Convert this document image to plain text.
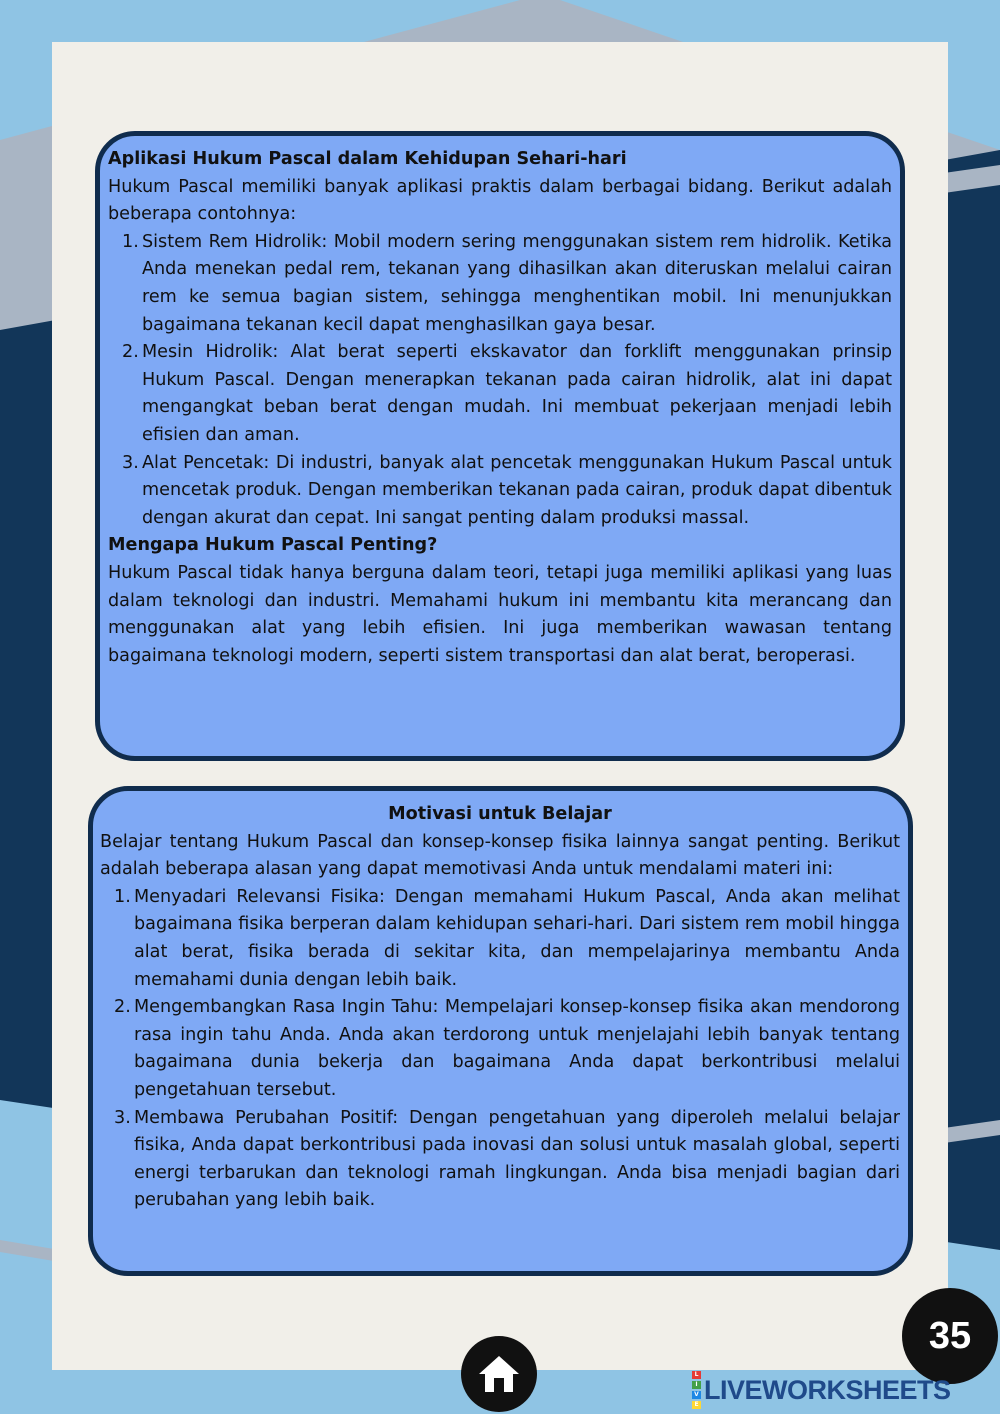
Aplikasi Hukum Pascal dalam Kehidupan Sehari-hari

Hukum Pascal memiliki banyak aplikasi praktis dalam berbagai bidang. Berikut adalah beberapa contohnya:

1. Sistem Rem Hidrolik: Mobil modern sering menggunakan sistem rem hidrolik. Ketika Anda menekan pedal rem, tekanan yang dihasilkan akan diteruskan melalui cairan rem ke semua bagian sistem, sehingga menghentikan mobil. Ini menunjukkan bagaimana tekanan kecil dapat menghasilkan gaya besar.
2. Mesin Hidrolik: Alat berat seperti ekskavator dan forklift menggunakan prinsip Hukum Pascal. Dengan menerapkan tekanan pada cairan hidrolik, alat ini dapat mengangkat beban berat dengan mudah. Ini membuat pekerjaan menjadi lebih efisien dan aman.
3. Alat Pencetak: Di industri, banyak alat pencetak menggunakan Hukum Pascal untuk mencetak produk. Dengan memberikan tekanan pada cairan, produk dapat dibentuk dengan akurat dan cepat. Ini sangat penting dalam produksi massal.
Mengapa Hukum Pascal Penting?

Hukum Pascal tidak hanya berguna dalam teori, tetapi juga memiliki aplikasi yang luas dalam teknologi dan industri. Memahami hukum ini membantu kita merancang dan menggunakan alat yang lebih efisien. Ini juga memberikan wawasan tentang bagaimana teknologi modern, seperti sistem transportasi dan alat berat, beroperasi.

Motivasi untuk Belajar

Belajar tentang Hukum Pascal dan konsep-konsep fisika lainnya sangat penting. Berikut adalah beberapa alasan yang dapat memotivasi Anda untuk mendalami materi ini:

1. Menyadari Relevansi Fisika: Dengan memahami Hukum Pascal, Anda akan melihat bagaimana fisika berperan dalam kehidupan sehari-hari. Dari sistem rem mobil hingga alat berat, fisika berada di sekitar kita, dan mempelajarinya membantu Anda memahami dunia dengan lebih baik.
2. Mengembangkan Rasa Ingin Tahu: Mempelajari konsep-konsep fisika akan mendorong rasa ingin tahu Anda. Anda akan terdorong untuk menjelajahi lebih banyak tentang bagaimana dunia bekerja dan bagaimana Anda dapat berkontribusi melalui pengetahuan tersebut.
3. Membawa Perubahan Positif: Dengan pengetahuan yang diperoleh melalui belajar fisika, Anda dapat berkontribusi pada inovasi dan solusi untuk masalah global, seperti energi terbarukan dan teknologi ramah lingkungan. Anda bisa menjadi bagian dari perubahan yang lebih baik.
35
L
I
V
E LIVEWORKSHEETS
